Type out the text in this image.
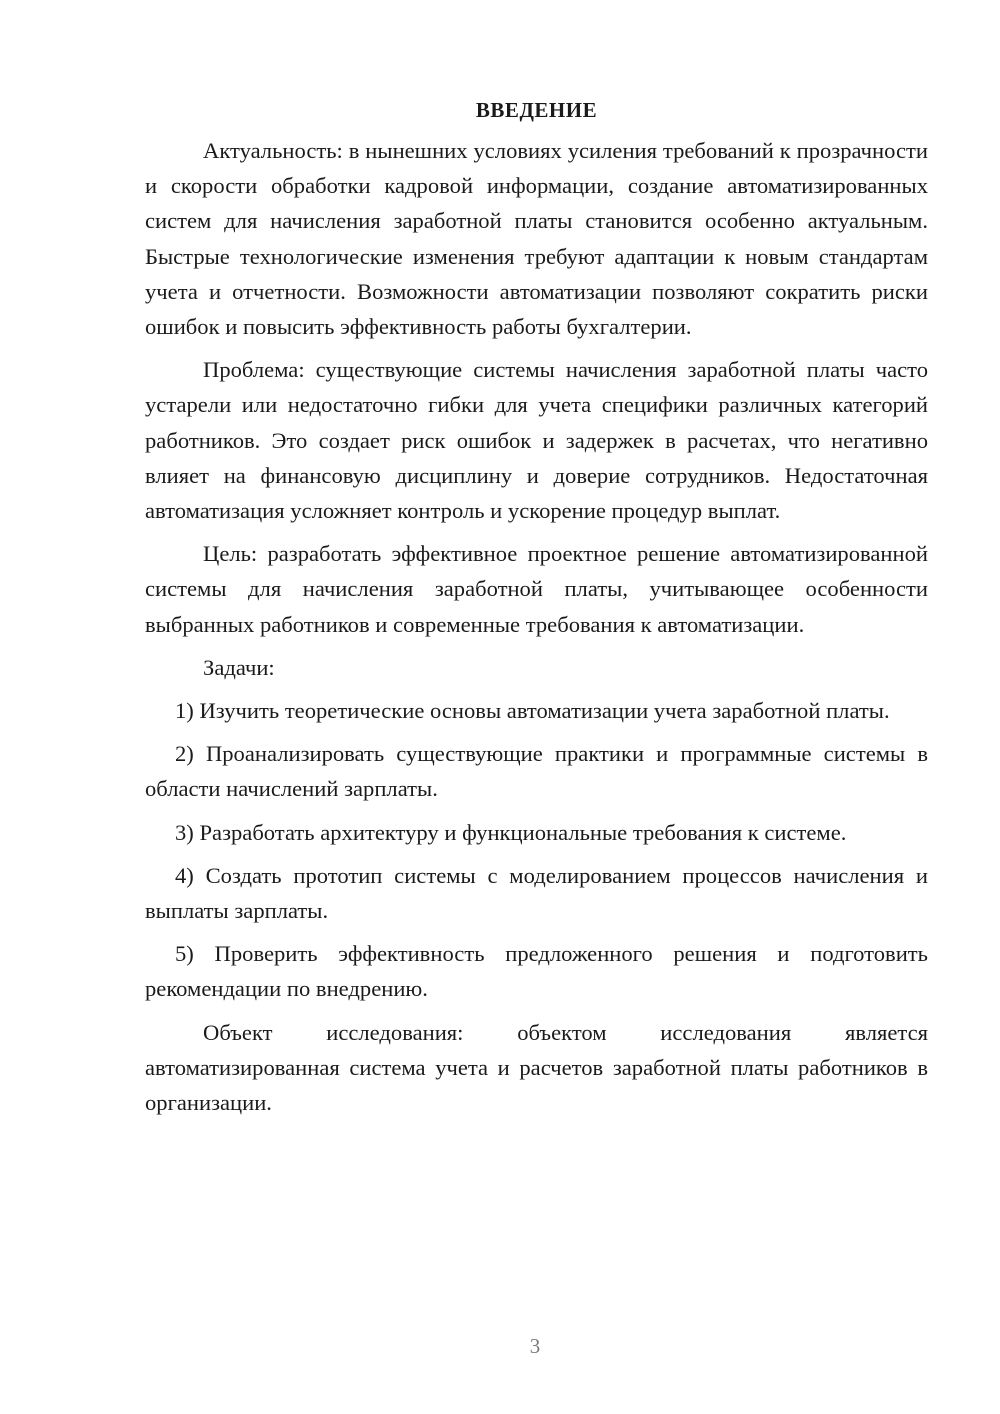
ВВЕДЕНИЕ

Актуальность: в нынешних условиях усиления требований к прозрачности и скорости обработки кадровой информации, создание автоматизированных систем для начисления заработной платы становится особенно актуальным. Быстрые технологические изменения требуют адаптации к новым стандартам учета и отчетности. Возможности автоматизации позволяют сократить риски ошибок и повысить эффективность работы бухгалтерии.

Проблема: существующие системы начисления заработной платы часто устарели или недостаточно гибки для учета специфики различных категорий работников. Это создает риск ошибок и задержек в расчетах, что негативно влияет на финансовую дисциплину и доверие сотрудников. Недостаточная автоматизация усложняет контроль и ускорение процедур выплат.

Цель: разработать эффективное проектное решение автоматизированной системы для начисления заработной платы, учитывающее особенности выбранных работников и современные требования к автоматизации.

Задачи:

1) Изучить теоретические основы автоматизации учета заработной платы.

2) Проанализировать существующие практики и программные системы в области начислений зарплаты.

3) Разработать архитектуру и функциональные требования к системе.

4) Создать прототип системы с моделированием процессов начисления и выплаты зарплаты.

5) Проверить эффективность предложенного решения и подготовить рекомендации по внедрению.

Объект исследования: объектом исследования является автоматизированная система учета и расчетов заработной платы работников в организации.

3
